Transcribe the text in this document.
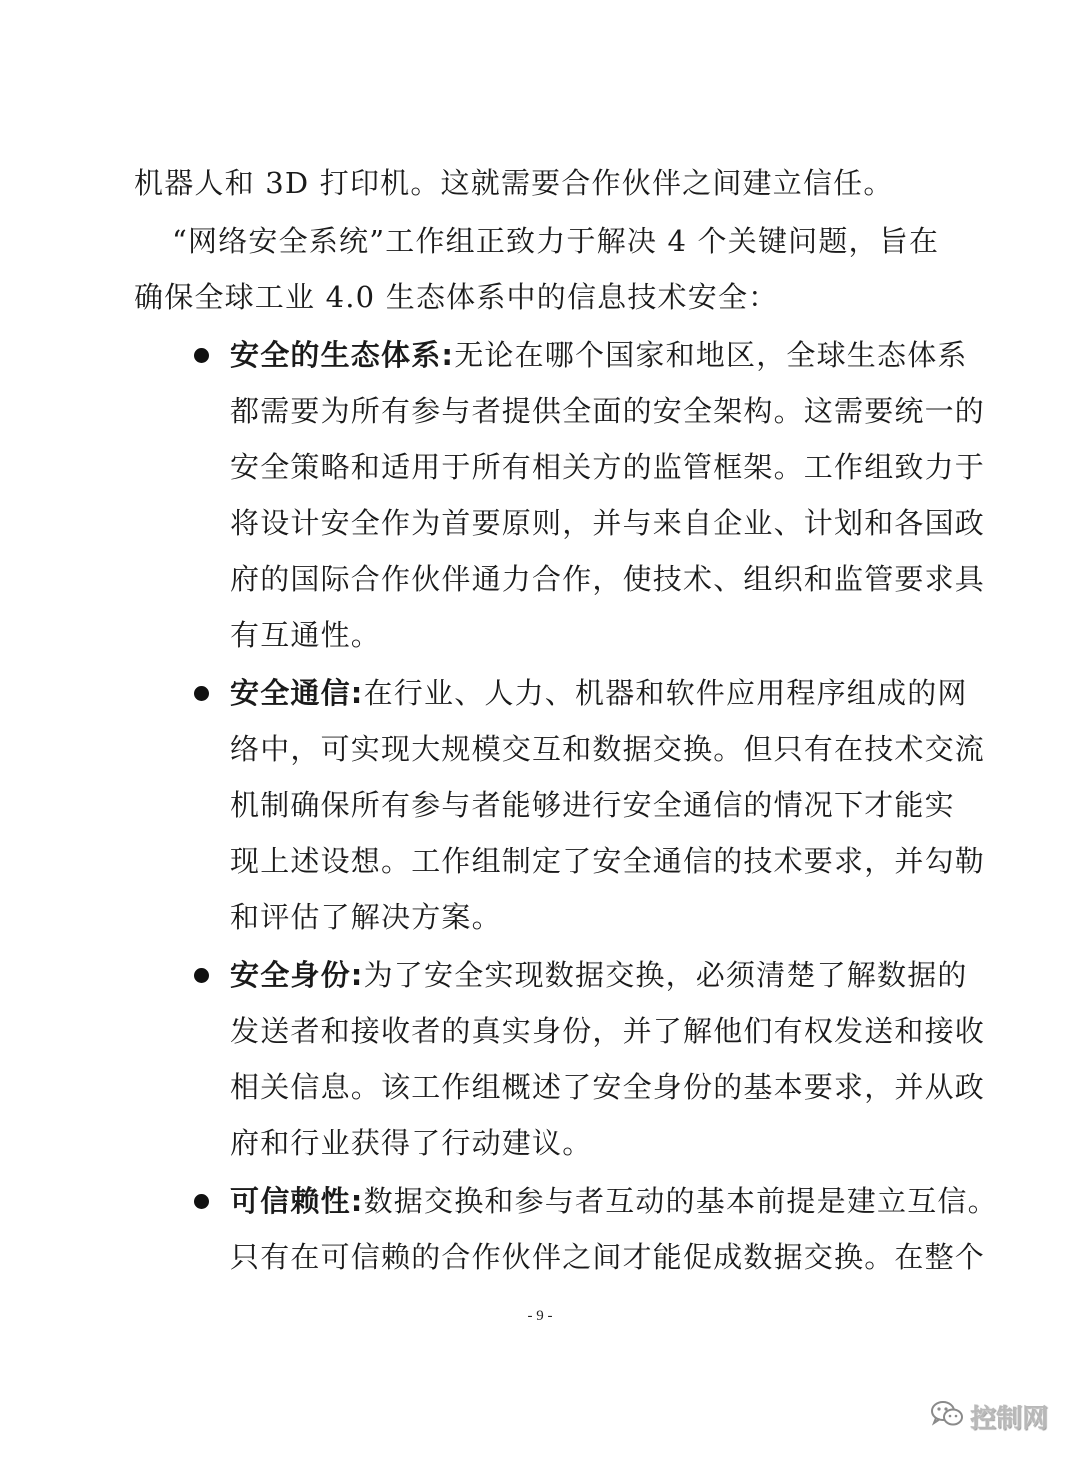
机器人和 3D 打印机。这就需要合作伙伴之间建立信任。
“网络安全系统”工作组正致力于解决 4 个关键问题，旨在
确保全球工业 4.0 生态体系中的信息技术安全：
安全的生态体系:无论在哪个国家和地区，全球生态体系
都需要为所有参与者提供全面的安全架构。这需要统一的
安全策略和适用于所有相关方的监管框架。工作组致力于
将设计安全作为首要原则，并与来自企业、计划和各国政
府的国际合作伙伴通力合作，使技术、组织和监管要求具
有互通性。
安全通信:在行业、人力、机器和软件应用程序组成的网
络中，可实现大规模交互和数据交换。但只有在技术交流
机制确保所有参与者能够进行安全通信的情况下才能实
现上述设想。工作组制定了安全通信的技术要求，并勾勒
和评估了解决方案。
安全身份:为了安全实现数据交换，必须清楚了解数据的
发送者和接收者的真实身份，并了解他们有权发送和接收
相关信息。该工作组概述了安全身份的基本要求，并从政
府和行业获得了行动建议。
可信赖性:数据交换和参与者互动的基本前提是建立互信。
只有在可信赖的合作伙伴之间才能促成数据交换。在整个
- 9 -
控制网
